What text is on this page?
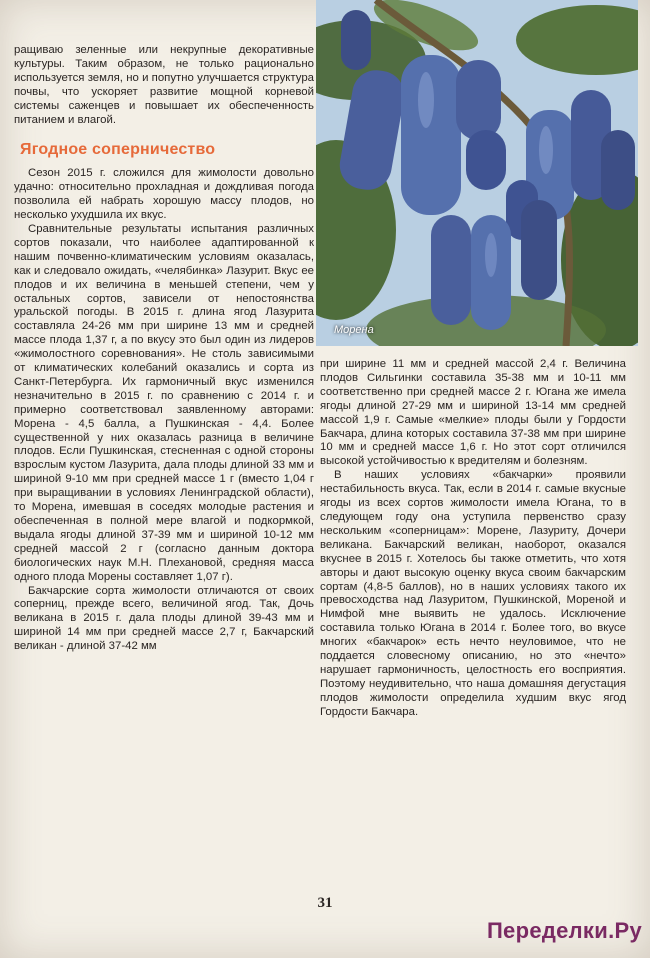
ращиваю зеленные или некрупные декоративные культуры. Таким образом, не только рационально используется земля, но и попутно улучшается структура почвы, что ускоряет развитие мощной корневой системы саженцев и повышает их обеспеченность питанием и влагой.

Ягодное соперничество

Сезон 2015 г. сложился для жимолости довольно удачно: относительно прохладная и дождливая погода позволила ей набрать хорошую массу плодов, но несколько ухудшила их вкус.

Сравнительные результаты испытания различных сортов показали, что наиболее адаптированной к нашим почвенно-климатическим условиям оказалась, как и следовало ожидать, «челябинка» Лазурит. Вкус ее плодов и их величина в меньшей степени, чем у остальных сортов, зависели от непостоянства уральской погоды. В 2015 г. длина ягод Лазурита составляла 24-26 мм при ширине 13 мм и средней массе плода 1,37 г, а по вкусу это был один из лидеров «жимолостного соревнования». Не столь зависимыми от климатических колебаний оказались и сорта из Санкт-Петербурга. Их гармоничный вкус изменился незначительно в 2015 г. по сравнению с 2014 г. и примерно соответствовал заявленному авторами: Морена - 4,5 балла, а Пушкинская - 4,4. Более существенной у них оказалась разница в величине плодов. Если Пушкинская, стесненная с одной стороны взрослым кустом Лазурита, дала плоды длиной 33 мм и шириной 9-10 мм при средней массе 1 г (вместо 1,04 г при выращивании в условиях Ленинградской области), то Морена, имевшая в соседях молодые растения и обеспеченная в полной мере влагой и подкормкой, выдала ягоды длиной 37-39 мм и шириной 10-12 мм средней массой 2 г (согласно данным доктора биологических наук М.Н. Плехановой, средняя масса одного плода Морены составляет 1,07 г).

Бакчарские сорта жимолости отличаются от своих соперниц, прежде всего, величиной ягод. Так, Дочь великана в 2015 г. дала плоды длиной 39-43 мм и шириной 14 мм при средней массе 2,7 г, Бакчарский великан - длиной 37-42 мм

Морена

при ширине 11 мм и средней массой 2,4 г. Величина плодов Сильгинки составила 35-38 мм и 10-11 мм соответственно при средней массе 2 г. Югана же имела ягоды длиной 27-29 мм и шириной 13-14 мм средней массой 1,9 г. Самые «мелкие» плоды были у Гордости Бакчара, длина которых составила 37-38 мм при ширине 10 мм и средней массе 1,6 г. Но этот сорт отличился высокой устойчивостью к вредителям и болезням.

В наших условиях «бакчарки» проявили нестабильность вкуса. Так, если в 2014 г. самые вкусные ягоды из всех сортов жимолости имела Югана, то в следующем году она уступила первенство сразу нескольким «соперницам»: Морене, Лазуриту, Дочери великана. Бакчарский великан, наоборот, оказался вкуснее в 2015 г. Хотелось бы также отметить, что хотя авторы и дают высокую оценку вкуса своим бакчарским сортам (4,8-5 баллов), но в наших условиях такого их превосходства над Лазуритом, Пушкинской, Мореной и Нимфой мне выявить не удалось. Исключение составила только Югана в 2014 г. Более того, во вкусе многих «бакчарок» есть нечто неуловимое, что не поддается словесному описанию, но это «нечто» нарушает гармоничность, целостность его восприятия. Поэтому неудивительно, что наша домашняя дегустация плодов жимолости определила худшим вкус ягод Гордости Бакчара.

31
Переделки.Ру
